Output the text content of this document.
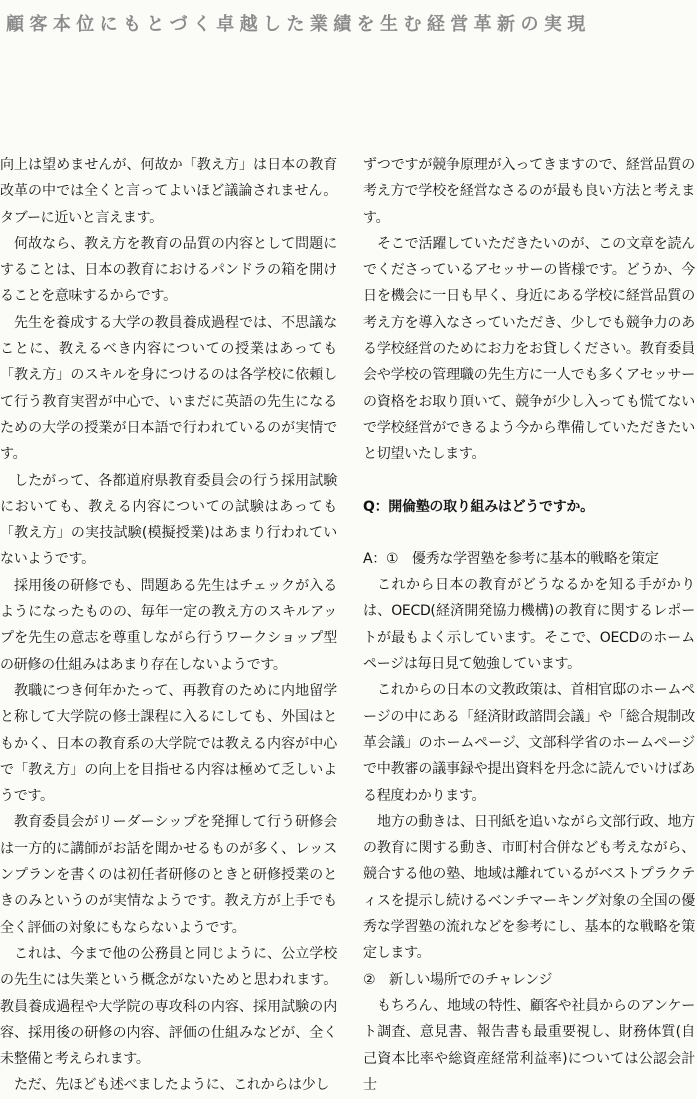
顧客本位にもとづく卓越した業績を生む経営革新の実現

向上は望めませんが、何故か「教え方」は日本の教育改革の中では全くと言ってよいほど議論されません。タブーに近いと言えます。

何故なら、教え方を教育の品質の内容として問題にすることは、日本の教育におけるパンドラの箱を開けることを意味するからです。

先生を養成する大学の教員養成過程では、不思議なことに、教えるべき内容についての授業はあっても「教え方」のスキルを身につけるのは各学校に依頼して行う教育実習が中心で、いまだに英語の先生になるための大学の授業が日本語で行われているのが実情です。

したがって、各都道府県教育委員会の行う採用試験においても、教える内容についての試験はあっても「教え方」の実技試験(模擬授業)はあまり行われていないようです。

採用後の研修でも、問題ある先生はチェックが入るようになったものの、毎年一定の教え方のスキルアップを先生の意志を尊重しながら行うワークショップ型の研修の仕組みはあまり存在しないようです。

教職につき何年かたって、再教育のために内地留学と称して大学院の修士課程に入るにしても、外国はともかく、日本の教育系の大学院では教える内容が中心で「教え方」の向上を目指せる内容は極めて乏しいようです。

教育委員会がリーダーシップを発揮して行う研修会は一方的に講師がお話を聞かせるものが多く、レッスンプランを書くのは初任者研修のときと研修授業のときのみというのが実情なようです。教え方が上手でも全く評価の対象にもならないようです。

これは、今まで他の公務員と同じように、公立学校の先生には失業という概念がないためと思われます。教員養成過程や大学院の専攻科の内容、採用試験の内容、採用後の研修の内容、評価の仕組みなどが、全く未整備と考えられます。

ただ、先ほども述べましたように、これからは少し

ずつですが競争原理が入ってきますので、経営品質の考え方で学校を経営なさるのが最も良い方法と考えます。

そこで活躍していただきたいのが、この文章を読んでくださっているアセッサーの皆様です。どうか、今日を機会に一日も早く、身近にある学校に経営品質の考え方を導入なさっていただき、少しでも競争力のある学校経営のためにお力をお貸しください。教育委員会や学校の管理職の先生方に一人でも多くアセッサーの資格をお取り頂いて、競争が少し入っても慌てないで学校経営ができるよう今から準備していただきたいと切望いたします。

Q：開倫塾の取り組みはどうですか。

A：①　優秀な学習塾を参考に基本的戦略を策定

これから日本の教育がどうなるかを知る手がかりは、OECD(経済開発協力機構)の教育に関するレポートが最もよく示しています。そこで、OECDのホームページは毎日見て勉強しています。

これからの日本の文教政策は、首相官邸のホームページの中にある「経済財政諮問会議」や「総合規制改革会議」のホームページ、文部科学省のホームページで中教審の議事録や提出資料を丹念に読んでいけばある程度わかります。

地方の動きは、日刊紙を追いながら文部行政、地方の教育に関する動き、市町村合併なども考えながら、競合する他の塾、地域は離れているがベストプラクティスを提示し続けるベンチマーキング対象の全国の優秀な学習塾の流れなどを参考にし、基本的な戦略を策定します。

②　新しい場所でのチャレンジ

もちろん、地域の特性、顧客や社員からのアンケート調査、意見書、報告書も最重要視し、財務体質(自己資本比率や総資産経常利益率)については公認会計士
